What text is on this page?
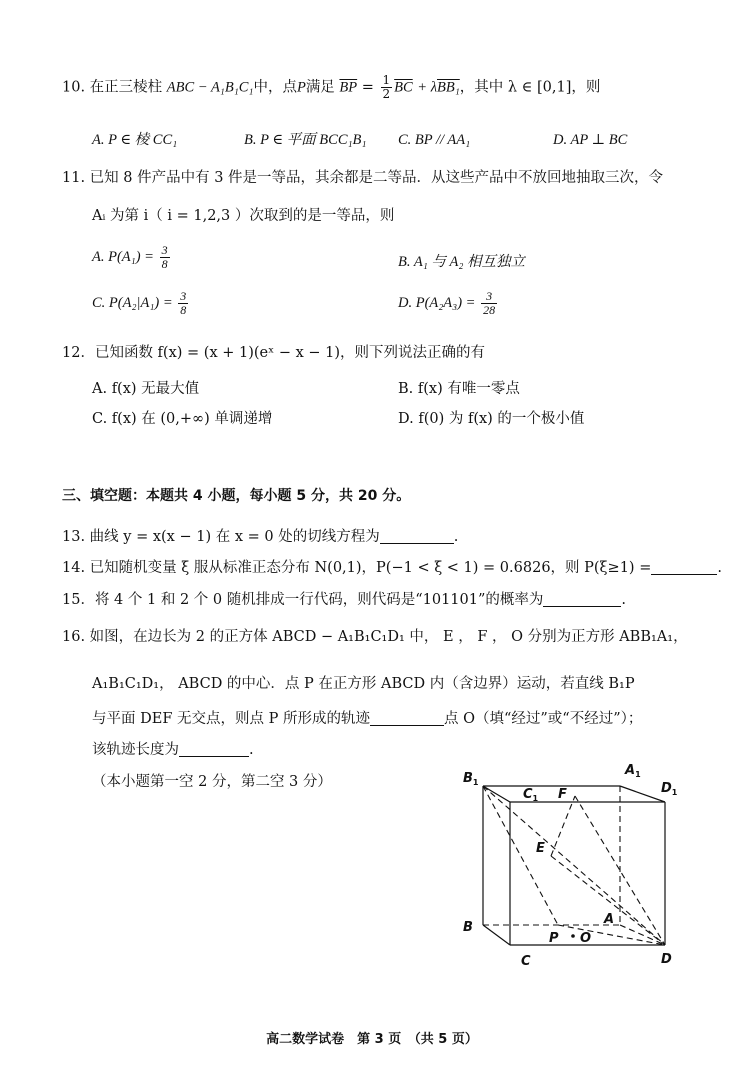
10. 在正三棱柱 ABC − A₁B₁C₁中，点P满足 $\overline{BP} = \frac{1}{2} \overline{BC} + \lambda BB_1$，其中 λ ∈ [0,1]，则
A. P ∈ 棱 CC₁	B. P ∈ 平面 BCC₁B₁ C. BP // AA₁	D. AP ⊥ BC
11. 已知 8 件产品中有 3 件是一等品，其余都是二等品．从这些产品中不放回地抽取三次，令
Aᵢ 为第 i（ i = 1,2,3 ）次取到的是一等品，则
A. $P(A_1) = \frac{3}{8}$	B. A₁ 与 A₂ 相互独立
C. $P(A_2|A_1) = \frac{3}{8}$	D. $P(A_2A_3) = \frac{3}{28}$
12．已知函数 f(x) = (x + 1)(eˣ − x − 1)，则下列说法正确的有
A. f(x) 无最大值	B. f(x) 有唯一零点
C. f(x) 在 (0,+∞) 单调递增	D. f(0) 为 f(x) 的一个极小值
三、填空题：本题共 4 小题，每小题 5 分，共 20 分。
13. 曲线 y = x(x − 1) 在 x = 0 处的切线方程为	.
14. 已知随机变量 ξ 服从标准正态分布 N(0,1)，P(−1 < ξ < 1) = 0.6826，则 P(ξ≥1) =	.
15．将 4 个 1 和 2 个 0 随机排成一行代码，则代码是“101101”的概率为	.
16. 如图，在边长为 2 的正方体 ABCD − A₁B₁C₁D₁ 中， E ， F ， O 分别为正方形 ABB₁A₁，
A₁B₁C₁D₁， ABCD 的中心．点 P 在正方形 ABCD 内（含边界）运动，若直线 B₁P
与平面 DEF 无交点，则点 P 所形成的轨迹	点 O（填“经过”或“不经过”）；
该轨迹长度为	.
（本小题第一空 2 分，第二空 3 分）	$B_1$
$C_1$ F
$A_1$
$D_1$
E
B
P O
A
C	D
高二数学试卷　第 3 页　（共 5 页）
